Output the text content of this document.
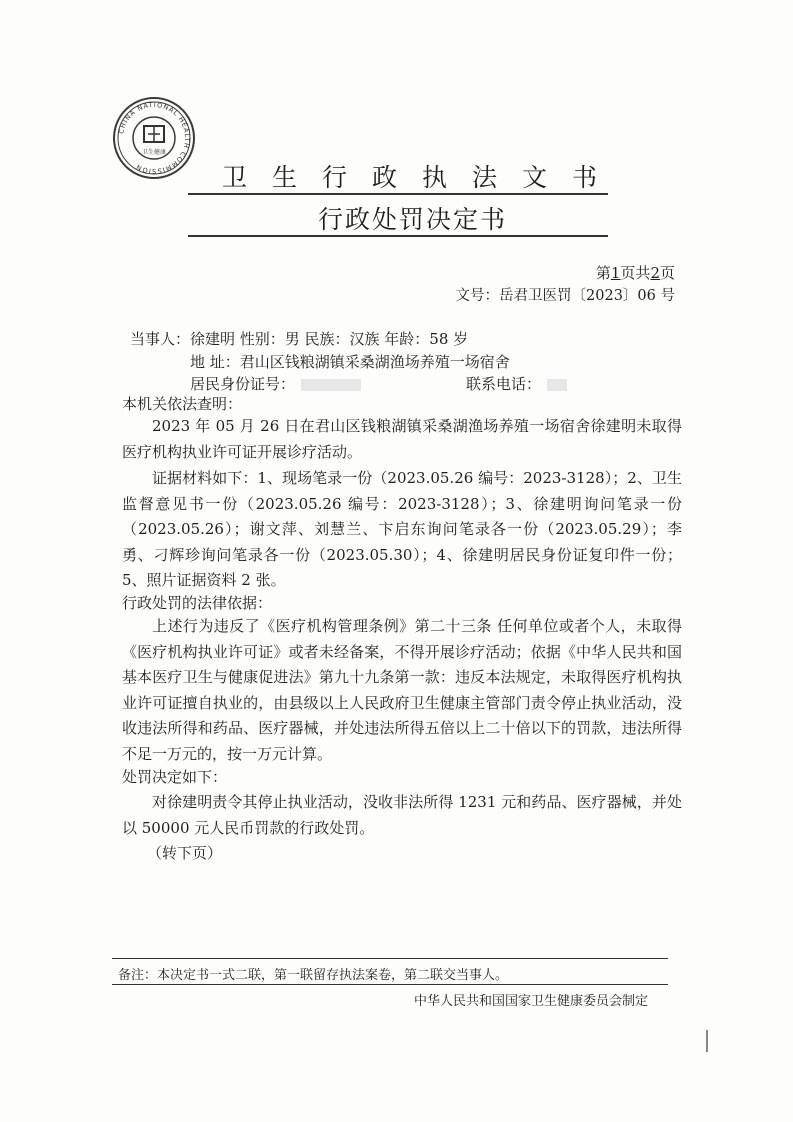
CHINA NATIONAL HEALTH COMMISSION
卫生健康
卫生行政执法文书
行政处罚决定书
第1页共2页
文号：岳君卫医罚〔2023〕06 号
当事人：徐建明 性别：男 民族：汉族 年龄：58 岁
地 址：君山区钱粮湖镇采桑湖渔场养殖一场宿舍
居民身份证号：	联系电话：
本机关依法查明：
2023 年 05 月 26 日在君山区钱粮湖镇采桑湖渔场养殖一场宿舍徐建明未取得医疗机构执业许可证开展诊疗活动。
证据材料如下：1、现场笔录一份（2023.05.26 编号：2023-3128）；2、卫生监督意见书一份（2023.05.26 编号：2023-3128）；3、徐建明询问笔录一份（2023.05.26）；谢文萍、刘慧兰、卞启东询问笔录各一份（2023.05.29）；李勇、刁辉珍询问笔录各一份（2023.05.30）；4、徐建明居民身份证复印件一份；5、照片证据资料 2 张。
行政处罚的法律依据：
上述行为违反了《医疗机构管理条例》第二十三条 任何单位或者个人，未取得《医疗机构执业许可证》或者未经备案，不得开展诊疗活动；依据《中华人民共和国基本医疗卫生与健康促进法》第九十九条第一款：违反本法规定，未取得医疗机构执业许可证擅自执业的，由县级以上人民政府卫生健康主管部门责令停止执业活动，没收违法所得和药品、医疗器械，并处违法所得五倍以上二十倍以下的罚款，违法所得不足一万元的，按一万元计算。
处罚决定如下：
对徐建明责令其停止执业活动，没收非法所得 1231 元和药品、医疗器械，并处以 50000 元人民币罚款的行政处罚。
（转下页）
备注：本决定书一式二联，第一联留存执法案卷，第二联交当事人。
中华人民共和国国家卫生健康委员会制定
